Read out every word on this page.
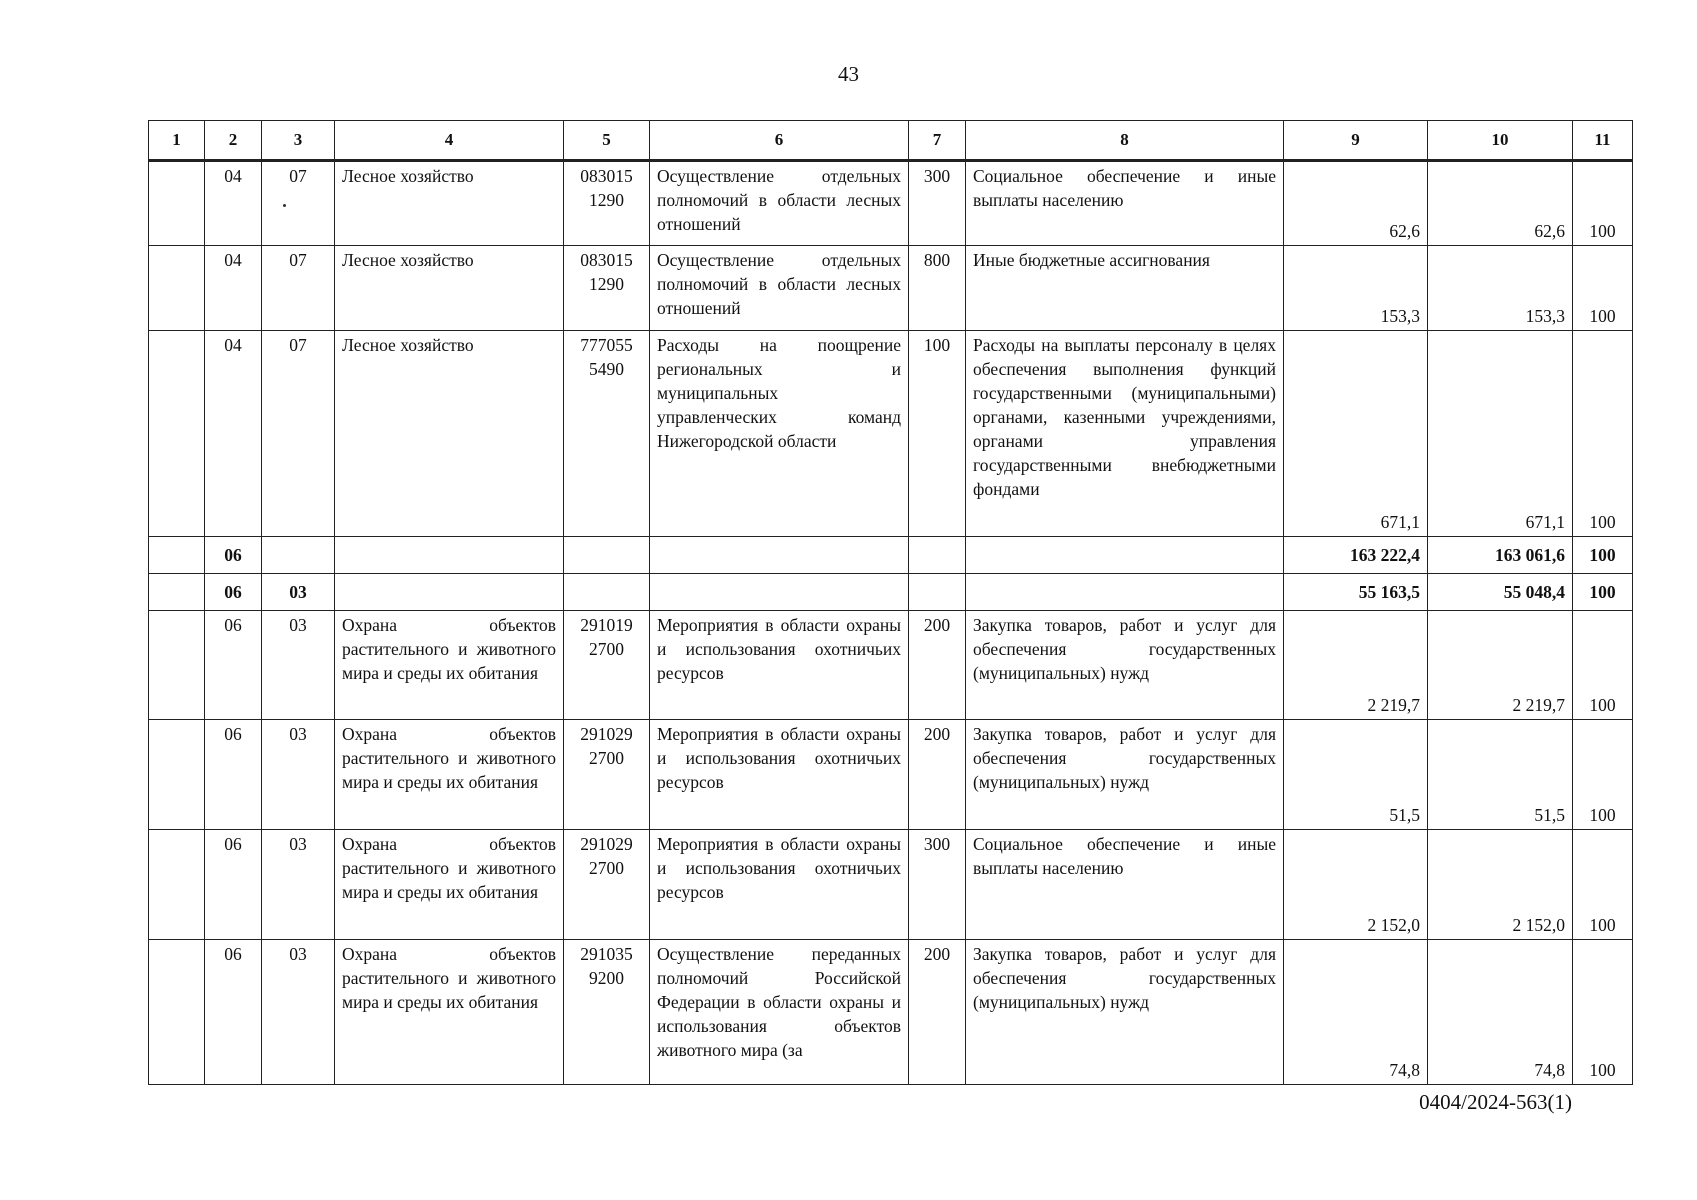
43
1	2	3	4	5	6	7	8	9	10	11
	04	07	Лесное хозяйство	083015 1290	Осуществление отдельных полномочий в области лесных отношений	300	Социальное обеспечение и иные выплаты населению	62,6	62,6	100
	04	07	Лесное хозяйство	083015 1290	Осуществление отдельных полномочий в области лесных отношений	800	Иные бюджетные ассигнования	153,3	153,3	100
	04	07	Лесное хозяйство	777055 5490	Расходы на поощрение региональных и муниципальных управленческих команд Нижегородской области	100	Расходы на выплаты персоналу в целях обеспечения выполнения функций государственными (муниципальными) органами, казенными учреждениями, органами управления государственными внебюджетными фондами	671,1	671,1	100
	06							163 222,4	163 061,6	100
	06	03						55 163,5	55 048,4	100
	06	03	Охрана объектов растительного и животного мира и среды их обитания	291019 2700	Мероприятия в области охраны и использования охотничьих ресурсов	200	Закупка товаров, работ и услуг для обеспечения государственных (муниципальных) нужд	2 219,7	2 219,7	100
	06	03	Охрана объектов растительного и животного мира и среды их обитания	291029 2700	Мероприятия в области охраны и использования охотничьих ресурсов	200	Закупка товаров, работ и услуг для обеспечения государственных (муниципальных) нужд	51,5	51,5	100
	06	03	Охрана объектов растительного и животного мира и среды их обитания	291029 2700	Мероприятия в области охраны и использования охотничьих ресурсов	300	Социальное обеспечение и иные выплаты населению	2 152,0	2 152,0	100
	06	03	Охрана объектов растительного и животного мира и среды их обитания	291035 9200	Осуществление переданных полномочий Российской Федерации в области охраны и использования объектов животного мира (за	200	Закупка товаров, работ и услуг для обеспечения государственных (муниципальных) нужд	74,8	74,8	100
0404/2024-563(1)
